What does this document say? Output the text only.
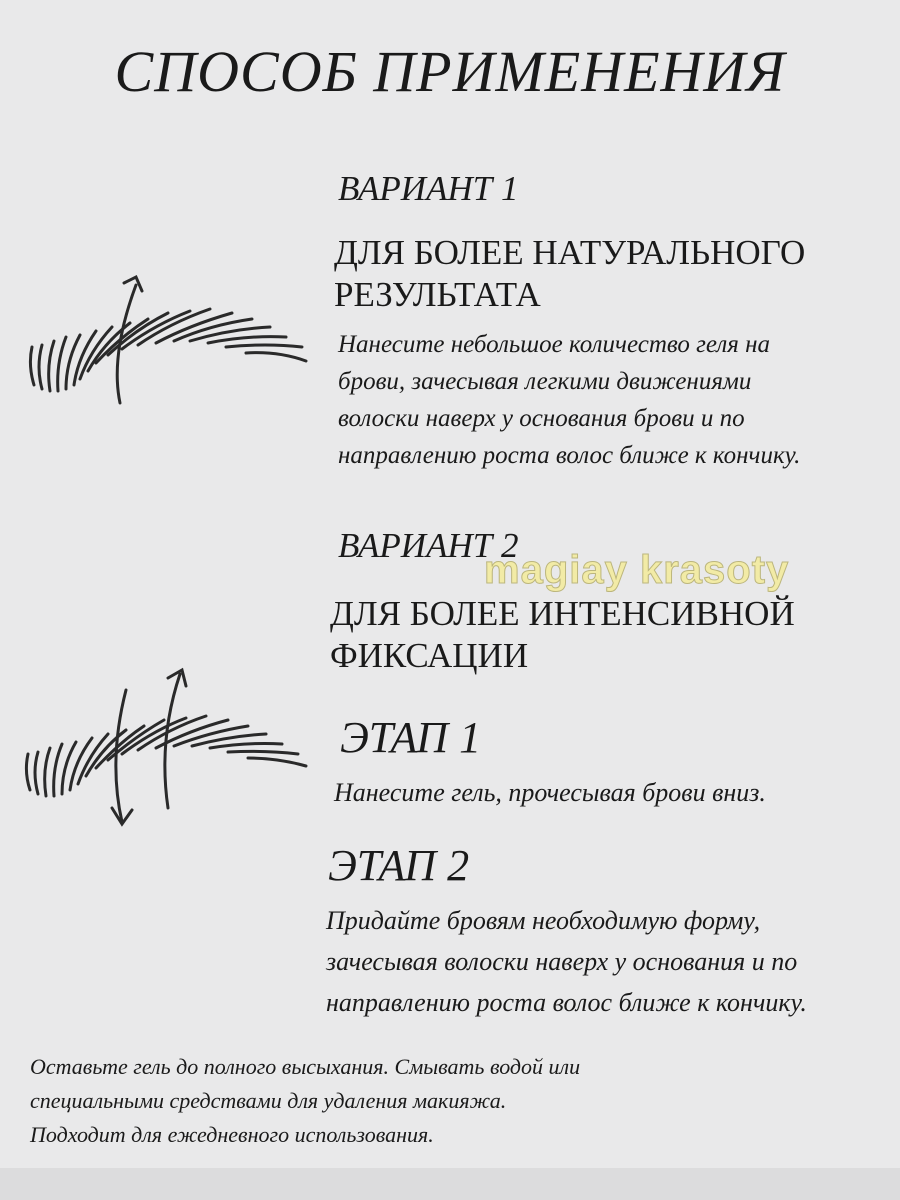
СПОСОБ ПРИМЕНЕНИЯ
ВАРИАНТ 1
ДЛЯ БОЛЕЕ НАТУРАЛЬНОГО
РЕЗУЛЬТАТА
Нанесите небольшое количество геля на
брови, зачесывая легкими движениями
волоски наверх у основания брови и по
направлению роста волос ближе к кончику.
ВАРИАНТ 2
magiay krasoty
ДЛЯ БОЛЕЕ ИНТЕНСИВНОЙ
ФИКСАЦИИ
ЭТАП 1
Нанесите гель, прочесывая брови вниз.
ЭТАП 2
Придайте бровям необходимую форму,
зачесывая волоски наверх у основания и по
направлению роста волос ближе к кончику.
Оставьте гель до полного высыхания. Смывать водой или
специальными средствами для удаления макияжа.
Подходит для ежедневного использования.
